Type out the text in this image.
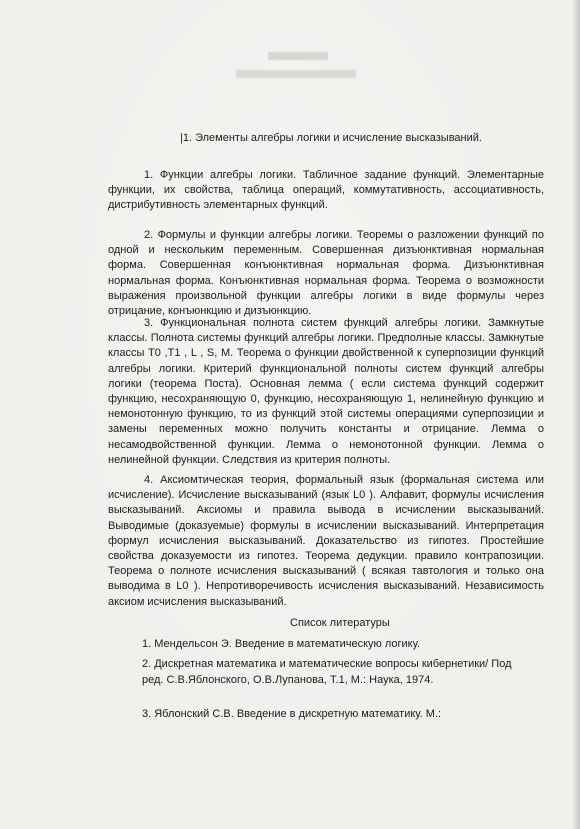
|1. Элементы алгебры логики и исчисление высказываний.

1. Функции алгебры логики. Табличное задание функций. Элементарные функции, их свойства, таблица операций, коммутативность, ассоциативность, дистрибутивность элементарных функций.

2. Формулы и функции алгебры логики. Теоремы о разложении функций по одной и нескольким переменным. Совершенная дизъюнктивная нормальная форма. Совершенная конъюнктивная нормальная форма. Дизъюнктивная нормальная форма. Конъюнктивная нормальная форма. Теорема о возможности выражения произвольной функции алгебры логики в виде формулы через отрицание, конъюнкцию и дизъюнкцию.

3. Функциональная полнота систем функций алгебры логики. Замкнутые классы. Полнота системы функций алгебры логики. Предполные классы. Замкнутые классы T0 ,T1 , L , S, M. Теорема о функции двойственной к суперпозиции функций алгебры логики. Критерий функциональной полноты систем функций алгебры логики (теорема Поста). Основная лемма ( если система функций содержит функцию, несохраняющую 0, функцию, несохраняющую 1, нелинейную функцию и немонотонную функцию, то из функций этой системы операциями суперпозиции и замены переменных можно получить константы и отрицание. Лемма о несамодвойственной функции. Лемма о немонотонной функции. Лемма о нелинейной функции. Следствия из критерия полноты.

4. Аксиомтическая теория, формальный язык (формальная система или исчисление). Исчисление высказываний (язык L0 ). Алфавит, формулы исчисления высказываний. Аксиомы и правила вывода в исчислении высказываний. Выводимые (доказуемые) формулы в исчислении высказываний. Интерпретация формул исчисления высказываний. Доказательство из гипотез. Простейшие свойства доказуемости из гипотез. Теорема дедукции. правило контрапозиции. Теорема о полноте исчисления высказываний ( всякая тавтология и только она выводима в L0 ). Непротиворечивость исчисления высказываний. Независимость аксиом исчисления высказываний.

Список литературы

1. Мендельсон Э. Введение в математическую логику.

2. Дискретная математика и математические вопросы кибернетики/ Под ред. С.В.Яблонского, О.В.Лупанова, Т.1, М.: Наука, 1974.

3. Яблонский С.В. Введение в дискретную математику. М.:
